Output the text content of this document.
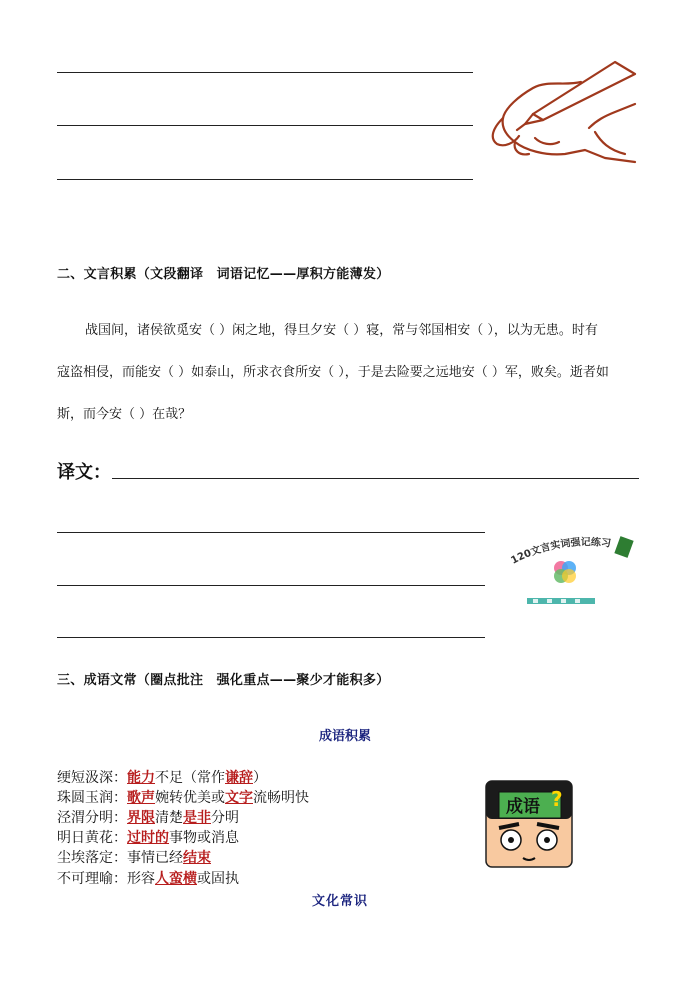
二、文言积累（文段翻译　词语记忆——厚积方能薄发）
战国间，诸侯欲觅安（ ）闲之地，得旦夕安（ ）寝，常与邻国相安（ ），以为无患。时有
寇盗相侵，而能安（ ）如泰山，所求衣食所安（ ），于是去险要之远地安（ ）军，败矣。逝者如
斯，而今安（ ）在哉？
译文：
120文言实词强记练习
三、成语文常（圈点批注　强化重点——聚少才能积多）
成语积累
绠短汲深：能力不足（常作谦辞）
珠圆玉润：歌声婉转优美或文字流畅明快
泾渭分明：界限清楚是非分明
明日黄花：过时的事物或消息
尘埃落定：事情已经结束
不可理喻：形容人蛮横或固执
文化常识
成语 ?
